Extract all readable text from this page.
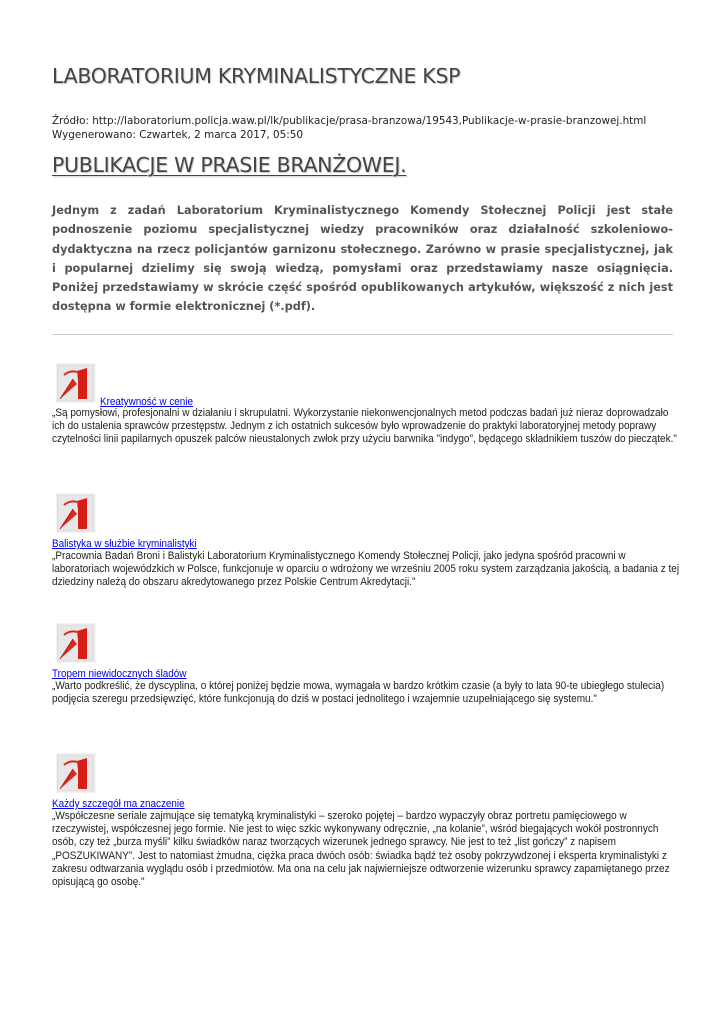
LABORATORIUM KRYMINALISTYCZNE KSP
Źródło: http://laboratorium.policja.waw.pl/lk/publikacje/prasa-branzowa/19543,Publikacje-w-prasie-branzowej.html
Wygenerowano: Czwartek, 2 marca 2017, 05:50
PUBLIKACJE W PRASIE BRANŻOWEJ.

Jednym z zadań Laboratorium Kryminalistycznego Komendy Stołecznej Policji jest stałe podnoszenie poziomu specjalistycznej wiedzy pracowników oraz działalność szkoleniowo-dydaktyczna na rzecz policjantów garnizonu stołecznego. Zarówno w prasie specjalistycznej, jak i popularnej dzielimy się swoją wiedzą, pomysłami oraz przedstawiamy nasze osiągnięcia. Poniżej przedstawiamy w skrócie część spośród opublikowanych artykułów, większość z nich jest dostępna w formie elektronicznej (*.pdf).

Kreatywność w cenie

„Są pomysłowi, profesjonalni w działaniu i skrupulatni. Wykorzystanie niekonwencjonalnych metod podczas badań już nieraz doprowadzało ich do ustalenia sprawców przestępstw. Jednym z ich ostatnich sukcesów było wprowadzenie do praktyki laboratoryjnej metody poprawy czytelności linii papilarnych opuszek palców nieustalonych zwłok przy użyciu barwnika "indygo", będącego składnikiem tuszów do pieczątek."

Balistyka w służbie kryminalistyki

„Pracownia Badań Broni i Balistyki Laboratorium Kryminalistycznego Komendy Stołecznej Policji, jako jedyna spośród pracowni w laboratoriach wojewódzkich w Polsce, funkcjonuje w oparciu o wdrożony we wrześniu 2005 roku system zarządzania jakością, a badania z tej dziedziny należą do obszaru akredytowanego przez Polskie Centrum Akredytacji."

Tropem niewidocznych śladów

„Warto podkreślić, że dyscyplina, o której poniżej będzie mowa, wymagała w bardzo krótkim czasie (a były to lata 90-te ubiegłego stulecia) podjęcia szeregu przedsięwzięć, które funkcjonują do dziś w postaci jednolitego i wzajemnie uzupełniającego się systemu."

Każdy szczegół ma znaczenie

„Współczesne seriale zajmujące się tematyką kryminalistyki – szeroko pojętej – bardzo wypaczyły obraz portretu pamięciowego w rzeczywistej, współczesnej jego formie. Nie jest to więc szkic wykonywany odręcznie, „na kolanie”, wśród biegających wokół postronnych osób, czy też „burza myśli” kilku świadków naraz tworzących wizerunek jednego sprawcy. Nie jest to też „list gończy” z napisem „POSZUKIWANY”. Jest to natomiast żmudna, ciężka praca dwóch osób: świadka bądź też osoby pokrzywdzonej i eksperta kryminalistyki z zakresu odtwarzania wyglądu osób i przedmiotów. Ma ona na celu jak najwierniejsze odtworzenie wizerunku sprawcy zapamiętanego przez opisującą go osobę."
